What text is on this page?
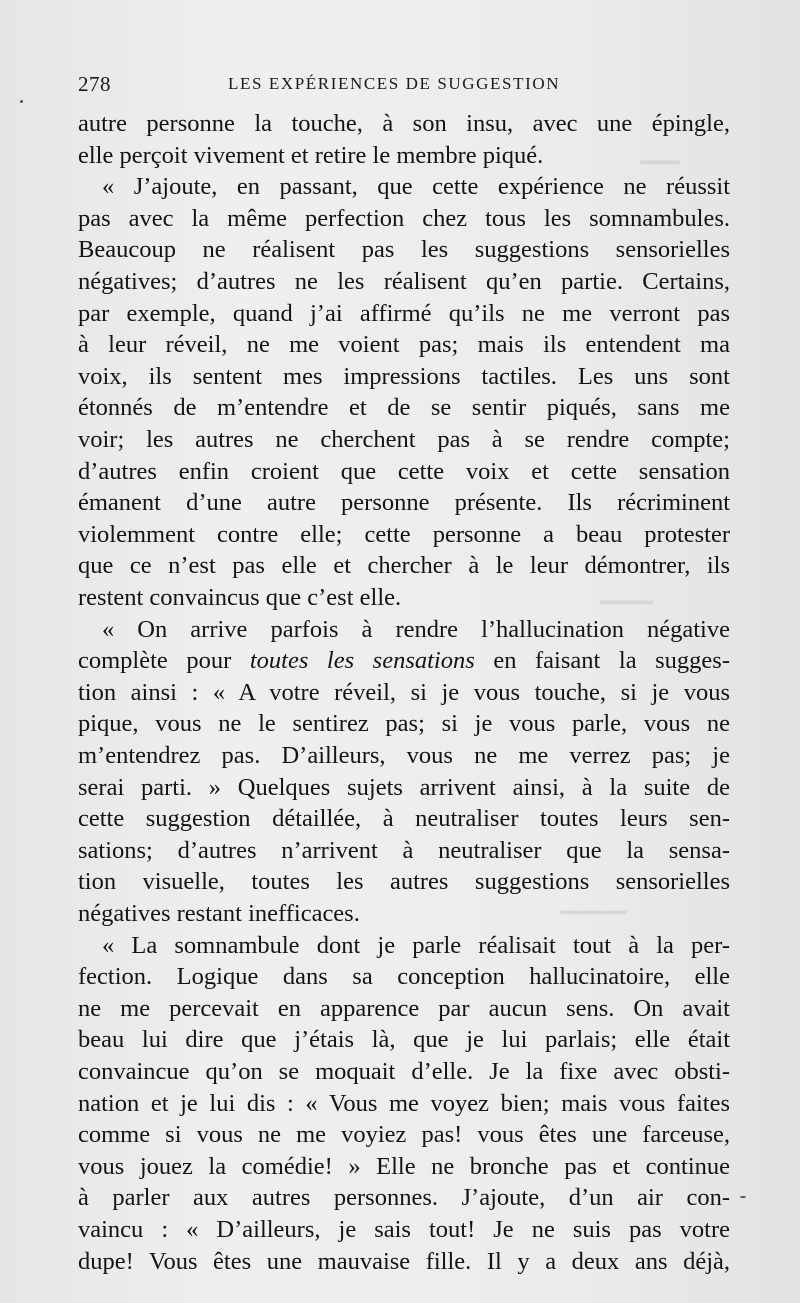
━━━
━━━━
━━━━━
278	LES EXPÉRIENCES DE SUGGESTION
autre personne la touche, à son insu, avec une épingle,
elle perçoit vivement et retire le membre piqué.
« J’ajoute, en passant, que cette expérience ne réussit
pas avec la même perfection chez tous les somnambules.
Beaucoup ne réalisent pas les suggestions sensorielles
négatives; d’autres ne les réalisent qu’en partie. Certains,
par exemple, quand j’ai affirmé qu’ils ne me verront pas
à leur réveil, ne me voient pas; mais ils entendent ma
voix, ils sentent mes impressions tactiles. Les uns sont
étonnés de m’entendre et de se sentir piqués, sans me
voir; les autres ne cherchent pas à se rendre compte;
d’autres enfin croient que cette voix et cette sensation
émanent d’une autre personne présente. Ils récriminent
violemment contre elle; cette personne a beau protester
que ce n’est pas elle et chercher à le leur démontrer, ils
restent convaincus que c’est elle.
« On arrive parfois à rendre l’hallucination négative
complète pour toutes les sensations en faisant la sugges-
tion ainsi : « A votre réveil, si je vous touche, si je vous
pique, vous ne le sentirez pas; si je vous parle, vous ne
m’entendrez pas. D’ailleurs, vous ne me verrez pas; je
serai parti. » Quelques sujets arrivent ainsi, à la suite de
cette suggestion détaillée, à neutraliser toutes leurs sen-
sations; d’autres n’arrivent à neutraliser que la sensa-
tion visuelle, toutes les autres suggestions sensorielles
négatives restant inefficaces.
« La somnambule dont je parle réalisait tout à la per-
fection. Logique dans sa conception hallucinatoire, elle
ne me percevait en apparence par aucun sens. On avait
beau lui dire que j’étais là, que je lui parlais; elle était
convaincue qu’on se moquait d’elle. Je la fixe avec obsti-
nation et je lui dis : « Vous me voyez bien; mais vous faites
comme si vous ne me voyiez pas! vous êtes une farceuse,
vous jouez la comédie! » Elle ne bronche pas et continue
à parler aux autres personnes. J’ajoute, d’un air con-
vaincu : « D’ailleurs, je sais tout! Je ne suis pas votre
dupe! Vous êtes une mauvaise fille. Il y a deux ans déjà,
